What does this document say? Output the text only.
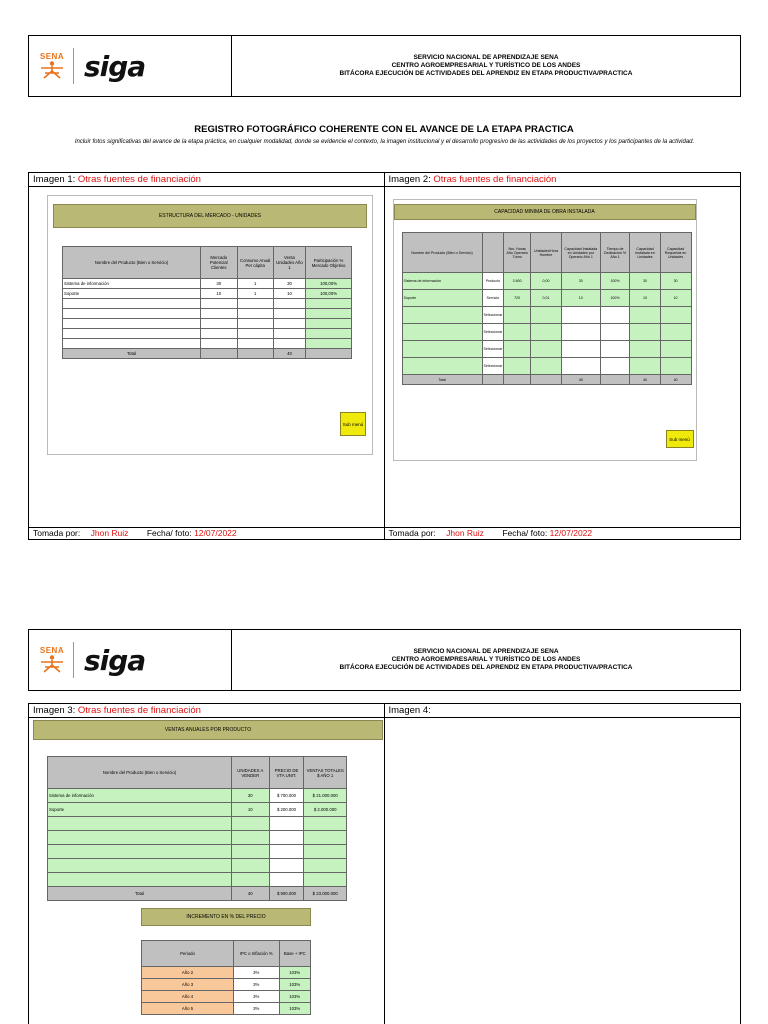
SENA siga	SERVICIO NACIONAL DE APRENDIZAJE SENA
CENTRO AGROEMPRESARIAL Y TURÍSTICO DE LOS ANDES
BITÁCORA EJECUCIÓN DE ACTIVIDADES DEL APRENDIZ EN ETAPA PRODUCTIVA/PRACTICA
REGISTRO FOTOGRÁFICO COHERENTE CON EL AVANCE DE LA ETAPA PRACTICA
Incluir fotos significativas del avance de la etapa práctica, en cualquier modalidad, donde se evidencie el contexto, la imagen institucional y el desarrollo progresivo de las actividades de los proyectos y los participantes de la actividad.
Imagen 1: Otras fuentes de financiación
ESTRUCTURA DEL MERCADO - UNIDADES
Nombre del Producto (Bien o Servicio)	Mercado Potencial Clientes	Consumo Anual Per cápita	Venta Unidades Año 1	Participación % Mercado Objetivo
Sistema de información	30	1	30	100,00%
Soporte	10	1	10	100,00%

Total			40	
Sub menú
Tomada por: Jhon Ruiz Fecha/ foto: 12/07/2022
Imagen 2: Otras fuentes de financiación
CAPACIDAD MINIMA DE OBRA INSTALADA
Nombre del Producto (Bien o Servicio)		Nro. Horas Año Operario Turno	Unidades/Hora Hombre	Capacidad Instalada en Unidades por Operario Año 1	Tiempo de Dedicación % Año 1	Capacidad Instalada en Unidades	Capacidad Requerida en Unidades
Sistema de información	Producto	3 600	0,00	30	100%	30	30
Soporte	Servicio	720	0,01	10	100%	10	10
	Seleccionar						
	Seleccionar						
	Seleccionar						
	Seleccionar						
Total				40		40	40
Sub menú
Tomada por: Jhon Ruiz Fecha/ foto: 12/07/2022
SENA siga	SERVICIO NACIONAL DE APRENDIZAJE SENA
CENTRO AGROEMPRESARIAL Y TURÍSTICO DE LOS ANDES
BITÁCORA EJECUCIÓN DE ACTIVIDADES DEL APRENDIZ EN ETAPA PRODUCTIVA/PRACTICA
Imagen 3: Otras fuentes de financiación
VENTAS ANUALES POR PRODUCTO
Nombre del Producto (Bien o Servicio)	UNIDADES A VENDER	PRECIO DE VTA UNIT.	VENTAS TOTALES $ AÑO 1
Sistema de información	30	$ 700.000	$ 21.000.000
Soporte	10	$ 200.000	$ 2.000.000

Total	40	$ 900.000	$ 23.000.000
INCREMENTO EN % DEL PRECIO
Periodo	IPC o Inflación %	Base + IPC
Año 2	3%	103%
Año 3	3%	103%
Año 4	3%	103%
Año 5	3%	103%
Imagen 4:
